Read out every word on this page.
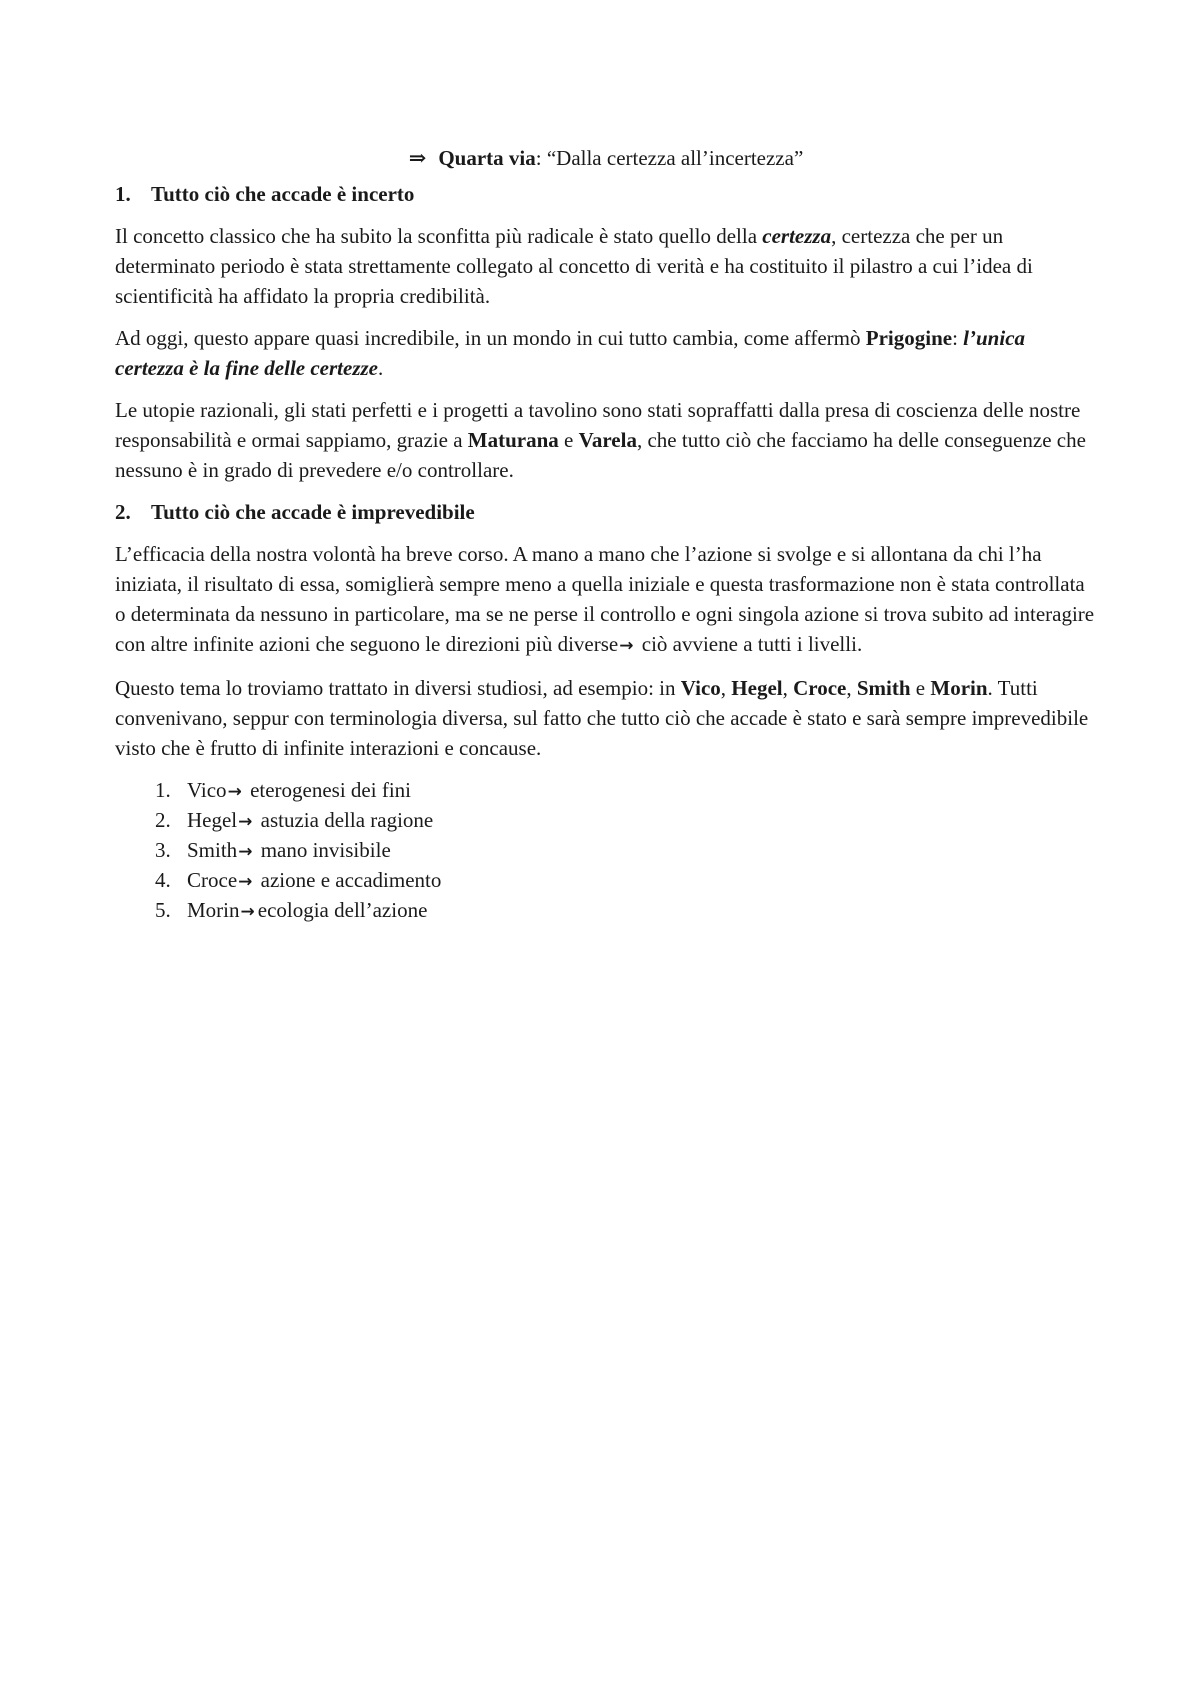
⇒ Quarta via: “Dalla certezza all’incertezza”
1. Tutto ciò che accade è incerto

Il concetto classico che ha subito la sconfitta più radicale è stato quello della certezza, certezza che per un determinato periodo è stata strettamente collegato al concetto di verità e ha costituito il pilastro a cui l’idea di scientificità ha affidato la propria credibilità.

Ad oggi, questo appare quasi incredibile, in un mondo in cui tutto cambia, come affermò Prigogine: l’unica certezza è la fine delle certezze.

Le utopie razionali, gli stati perfetti e i progetti a tavolino sono stati sopraffatti dalla presa di coscienza delle nostre responsabilità e ormai sappiamo, grazie a Maturana e Varela, che tutto ciò che facciamo ha delle conseguenze che nessuno è in grado di prevedere e/o controllare.

2. Tutto ciò che accade è imprevedibile

L’efficacia della nostra volontà ha breve corso. A mano a mano che l’azione si svolge e si allontana da chi l’ha iniziata, il risultato di essa, somiglierà sempre meno a quella iniziale e questa trasformazione non è stata controllata o determinata da nessuno in particolare, ma se ne perse il controllo e ogni singola azione si trova subito ad interagire con altre infinite azioni che seguono le direzioni più diverse→ ciò avviene a tutti i livelli.

Questo tema lo troviamo trattato in diversi studiosi, ad esempio: in Vico, Hegel, Croce, Smith e Morin. Tutti convenivano, seppur con terminologia diversa, sul fatto che tutto ciò che accade è stato e sarà sempre imprevedibile visto che è frutto di infinite interazioni e concause.

1. Vico→ eterogenesi dei fini
2. Hegel→ astuzia della ragione
3. Smith→ mano invisibile
4. Croce→ azione e accadimento
5. Morin→ ecologia dell’azione
